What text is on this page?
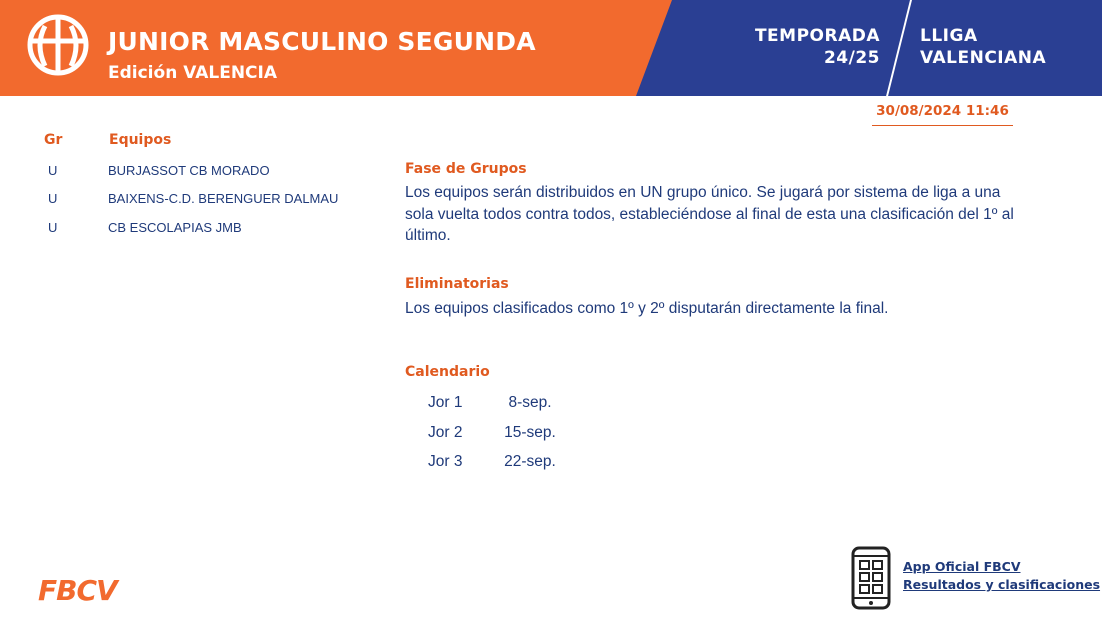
JUNIOR MASCULINO SEGUNDA
Edición VALENCIA
TEMPORADA
24/25
LLIGA
VALENCIANA
30/08/2024 11:46
Gr	Equipos
U	BURJASSOT CB MORADO
U	BAIXENS-C.D. BERENGUER DALMAU
U	CB ESCOLAPIAS JMB
Fase de Grupos
Los equipos serán distribuidos en UN grupo único. Se jugará por sistema de liga a una sola vuelta todos contra todos, estableciéndose al final de esta una clasificación del 1º al último.
Eliminatorias
Los equipos clasificados como 1º y 2º disputarán directamente la final.
Calendario
Jor 1	8-sep.
Jor 2	15-sep.
Jor 3	22-sep.
FBCV
App Oficial FBCV
Resultados y clasificaciones
